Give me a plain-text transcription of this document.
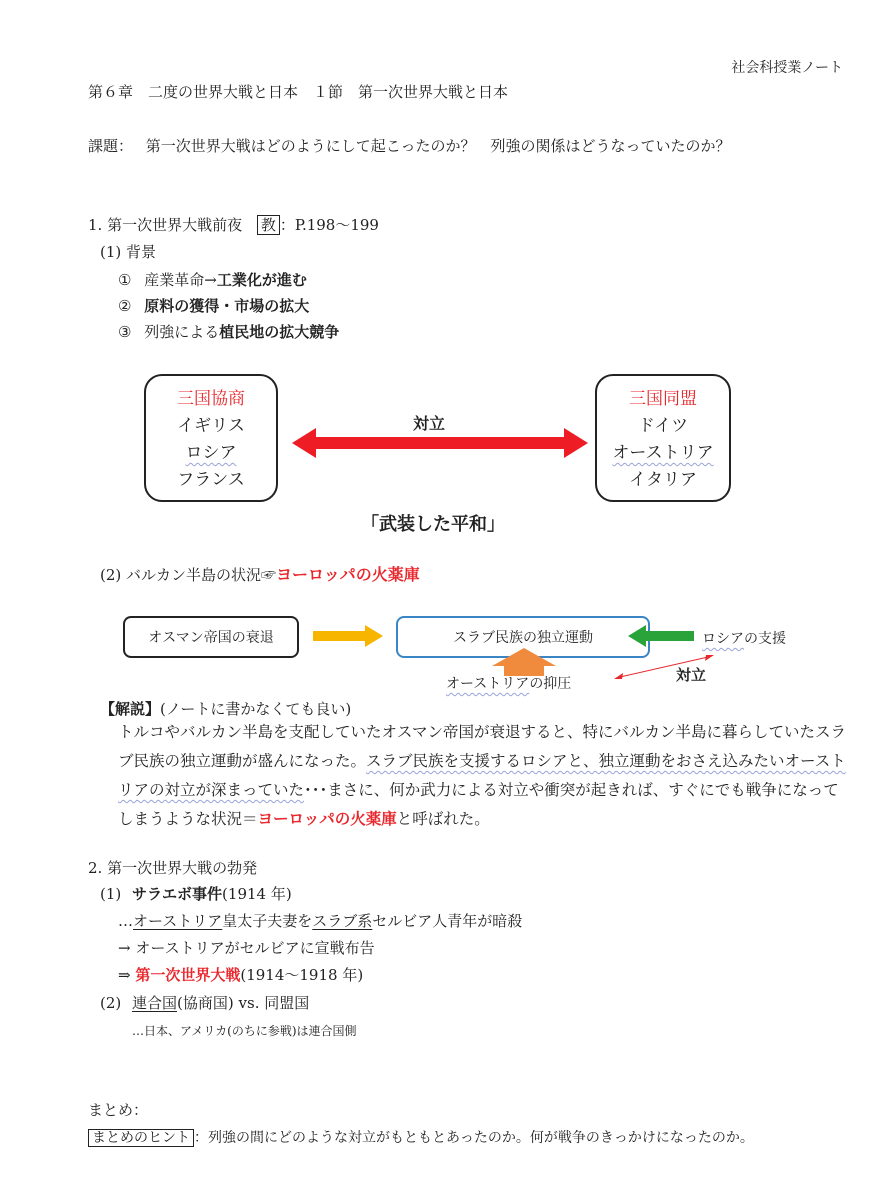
社会科授業ノート
第６章　二度の世界大戦と日本　１節　第一次世界大戦と日本
課題： 第一次世界大戦はどのようにして起こったのか？　列強の関係はどうなっていたのか？
1. 第一次世界大戦前夜 教 ：P.198～199
(1) 背景
① 産業革命→工業化が進む
② 原料の獲得・市場の拡大
③ 列強による植民地の拡大競争
三国協商
イギリス
ロシア
フランス
対立
三国同盟
ドイツ
オーストリア
イタリア
「武装した平和」
(2) バルカン半島の状況☞ヨーロッパの火薬庫
オスマン帝国の衰退	スラブ民族の独立運動	ロシアの支援
オーストリアの抑圧	対立
【解説】(ノートに書かなくても良い)
トルコやバルカン半島を支配していたオスマン帝国が衰退すると、特にバルカン半島に暮らしていたスラブ民族の独立運動が盛んになった。スラブ民族を支援するロシアと、独立運動をおさえ込みたいオーストリアの対立が深まっていた･･･まさに、何か武力による対立や衝突が起きれば、すぐにでも戦争になってしまうような状況＝ヨーロッパの火薬庫と呼ばれた。
2. 第一次世界大戦の勃発
(1) サラエボ事件(1914 年)
…オーストリア皇太子夫妻をスラブ系セルビア人青年が暗殺
→ オーストリアがセルビアに宣戦布告
⇒ 第一次世界大戦(1914～1918 年)
(2) 連合国(協商国) vs. 同盟国
…日本、アメリカ(のちに参戦)は連合国側
まとめ：
まとめのヒント ：列強の間にどのような対立がもともとあったのか。何が戦争のきっかけになったのか。
